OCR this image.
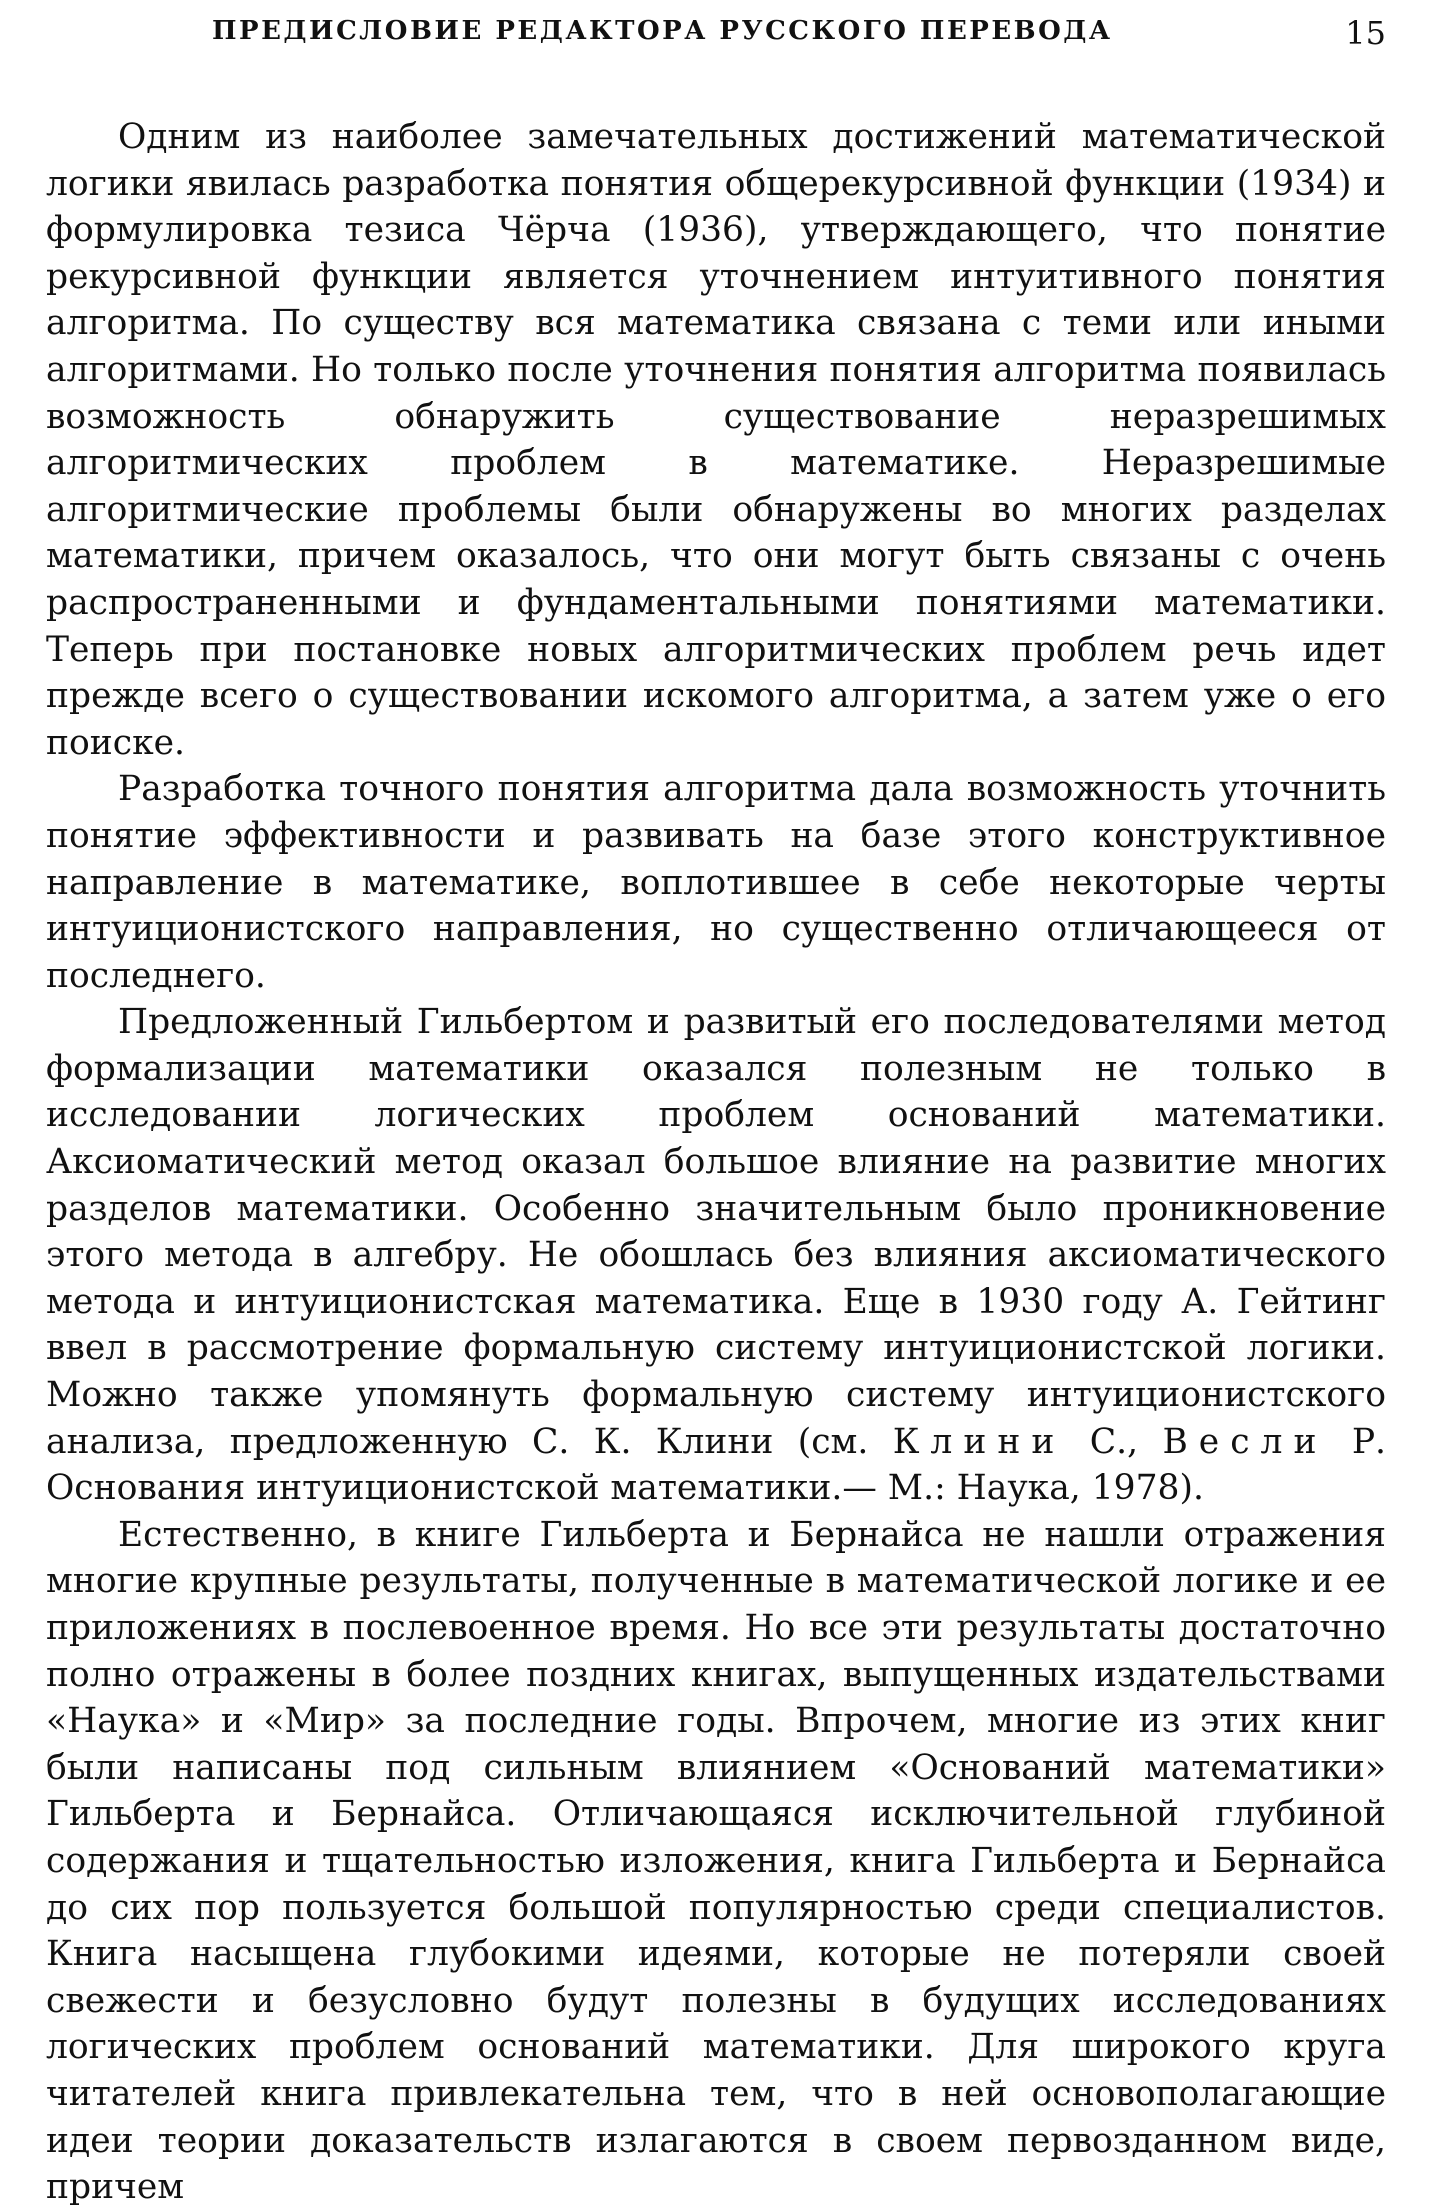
ПРЕДИСЛОВИЕ РЕДАКТОРА РУССКОГО ПЕРЕВОДА	15

Одним из наиболее замечательных достижений математической логики явилась разработка понятия общерекурсивной функции (1934) и формулировка тезиса Чёрча (1936), утверждающего, что понятие рекурсивной функции является уточнением интуитивного понятия алгоритма. По существу вся математика связана с теми или иными алгоритмами. Но только после уточнения понятия алгоритма появилась возможность обнаружить существование неразрешимых алгоритмических проблем в математике. Неразрешимые алгоритмические проблемы были обнаружены во многих разделах математики, причем оказалось, что они могут быть связаны с очень распространенными и фундаментальными понятиями математики. Теперь при постановке новых алгоритмических проблем речь идет прежде всего о существовании искомого алгоритма, а затем уже о его поиске.

Разработка точного понятия алгоритма дала возможность уточнить понятие эффективности и развивать на базе этого конструктивное направление в математике, воплотившее в себе некоторые черты интуиционистского направления, но существенно отличающееся от последнего.

Предложенный Гильбертом и развитый его последователями метод формализации математики оказался полезным не только в исследовании логических проблем оснований математики. Аксиоматический метод оказал большое влияние на развитие многих разделов математики. Особенно значительным было проникновение этого метода в алгебру. Не обошлась без влияния аксиоматического метода и интуиционистская математика. Еще в 1930 году А. Гейтинг ввел в рассмотрение формальную систему интуиционистской логики. Можно также упомянуть формальную систему интуиционистского анализа, предложенную С. К. Клини (см. Клини С., Весли Р. Основания интуиционистской математики.— М.: Наука, 1978).

Естественно, в книге Гильберта и Бернайса не нашли отражения многие крупные результаты, полученные в математической логике и ее приложениях в послевоенное время. Но все эти результаты достаточно полно отражены в более поздних книгах, выпущенных издательствами «Наука» и «Мир» за последние годы. Впрочем, многие из этих книг были написаны под сильным влиянием «Оснований математики» Гильберта и Бернайса. Отличающаяся исключительной глубиной содержания и тщательностью изложения, книга Гильберта и Бернайса до сих пор пользуется большой популярностью среди специалистов. Книга насыщена глубокими идеями, которые не потеряли своей свежести и безусловно будут полезны в будущих исследованиях логических проблем оснований математики. Для широкого круга читателей книга привлекательна тем, что в ней основополагающие идеи теории доказательств излагаются в своем первозданном виде, причем
